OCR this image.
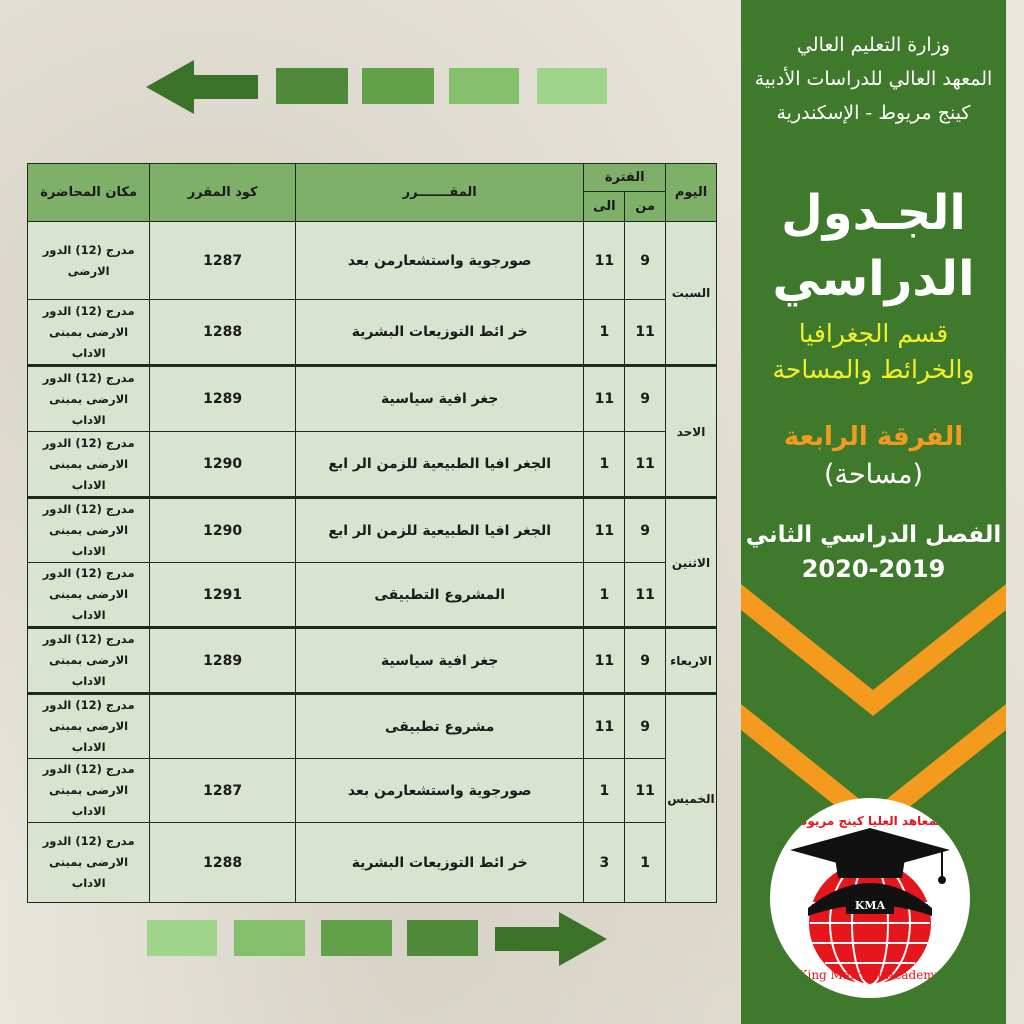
وزارة التعليم العالي
المعهد العالي للدراسات الأدبية
كينج مريوط - الإسكندرية
الجـدول
الدراسي
قسم الجغرافيا
والخرائط والمساحة
الفرقة الرابعة
(مساحة)
الفصل الدراسي الثاني
2020-2019
المعاهد العليا كينج مريوط
KMA
King Marriott Academy
اليوم	الفترة		المقـــــــرر	كود المقرر	مكان المحاضرة
	من	الى			
السبت	9	11	صورجوية واستشعارمن بعد	1287	مدرج (12) الدور الارضى
	11	1	خر ائط التوزيعات البشرية	1288	مدرج (12) الدور الارضى بمبنى الاداب
الاحد	9	11	جغر افية سياسية	1289	مدرج (12) الدور الارضى بمبنى الاداب
	11	1	الجغر افيا الطبيعية للزمن الر ابع	1290	مدرج (12) الدور الارضى بمبنى الاداب
الاثنين	9	11	الجغر افيا الطبيعية للزمن الر ابع	1290	مدرج (12) الدور الارضى بمبنى الاداب
	11	1	المشروع التطبيقى	1291	مدرج (12) الدور الارضى بمبنى الاداب
الاربعاء	9	11	جغر افية سياسية	1289	مدرج (12) الدور الارضى بمبنى الاداب
الخميس	9	11	مشروع تطبيقى		مدرج (12) الدور الارضى بمبنى الاداب
	11	1	صورجوية واستشعارمن بعد	1287	مدرج (12) الدور الارضى بمبنى الاداب
	1	3	خر ائط التوزيعات البشرية	1288	مدرج (12) الدور الارضى بمبنى الاداب
